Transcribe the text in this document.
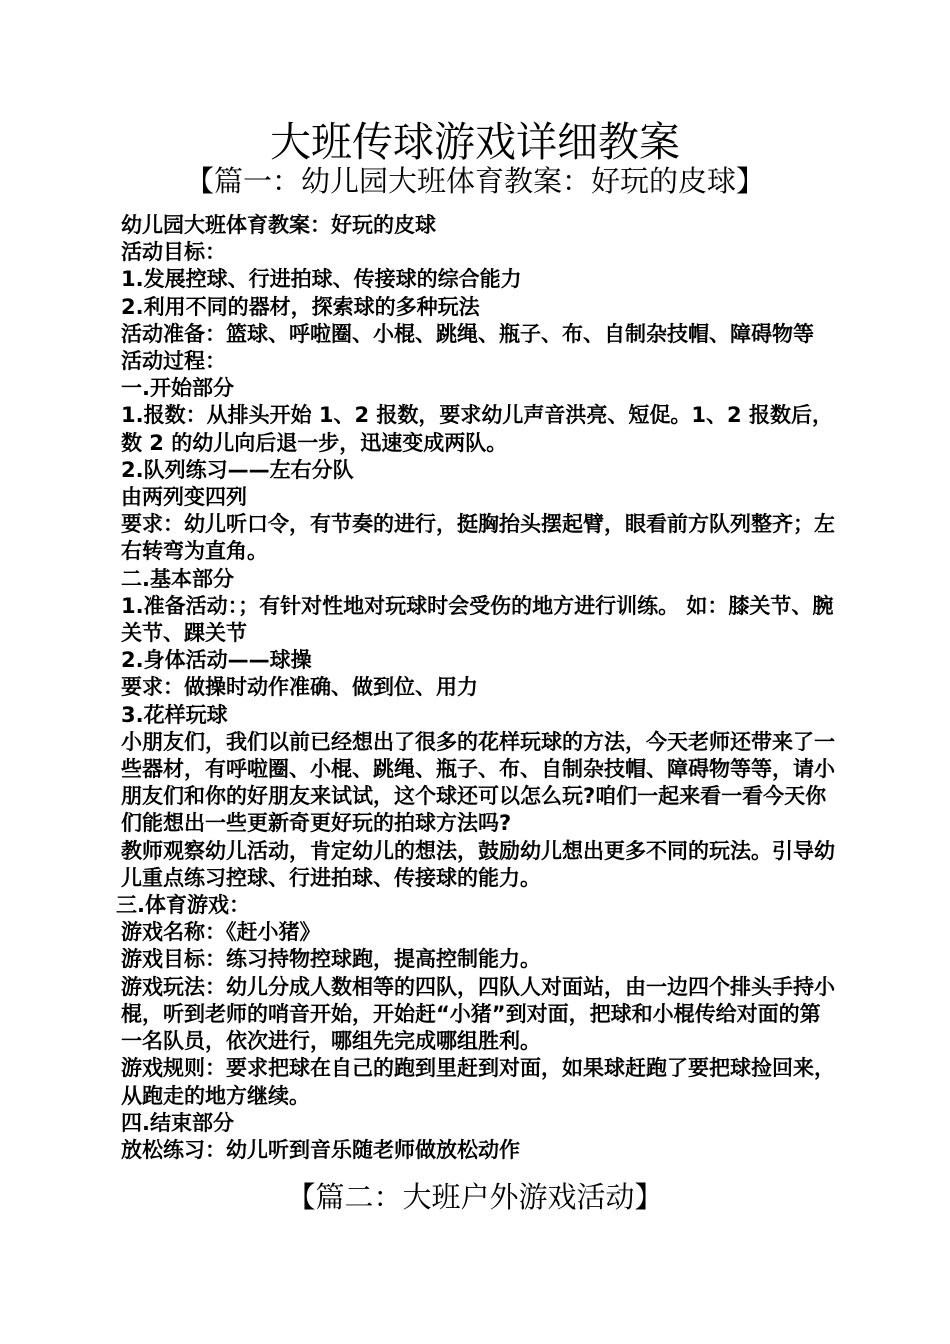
大班传球游戏详细教案
【篇一：幼儿园大班体育教案：好玩的皮球】

幼儿园大班体育教案：好玩的皮球

活动目标：

1.发展控球、行进拍球、传接球的综合能力

2.利用不同的器材，探索球的多种玩法

活动准备：篮球、呼啦圈、小棍、跳绳、瓶子、布、自制杂技帽、障碍物等 活动过程：

一.开始部分

1.报数：从排头开始 1、2 报数，要求幼儿声音洪亮、短促。1、2 报数后，数 2 的幼儿向后退一步，迅速变成两队。

2.队列练习——左右分队

由两列变四列

要求：幼儿听口令，有节奏的进行，挺胸抬头摆起臂，眼看前方队列整齐；左右转弯为直角。

二.基本部分

1.准备活动：；有针对性地对玩球时会受伤的地方进行训练。 如：膝关节、腕关节、踝关节

2.身体活动——球操

要求：做操时动作准确、做到位、用力

3.花样玩球

小朋友们，我们以前已经想出了很多的花样玩球的方法，今天老师还带来了一些器材，有呼啦圈、小棍、跳绳、瓶子、布、自制杂技帽、障碍物等等，请小朋友们和你的好朋友来试试，这个球还可以怎么玩?咱们一起来看一看今天你们能想出一些更新奇更好玩的拍球方法吗?

教师观察幼儿活动，肯定幼儿的想法，鼓励幼儿想出更多不同的玩法。引导幼儿重点练习控球、行进拍球、传接球的能力。

三.体育游戏：

游戏名称：《赶小猪》

游戏目标：练习持物控球跑，提高控制能力。

游戏玩法：幼儿分成人数相等的四队，四队人对面站，由一边四个排头手持小棍，听到老师的哨音开始，开始赶“小猪”到对面，把球和小棍传给对面的第一名队员，依次进行，哪组先完成哪组胜利。

游戏规则：要求把球在自己的跑到里赶到对面，如果球赶跑了要把球捡回来，从跑走的地方继续。

四.结束部分

放松练习：幼儿听到音乐随老师做放松动作

【篇二：大班户外游戏活动】
